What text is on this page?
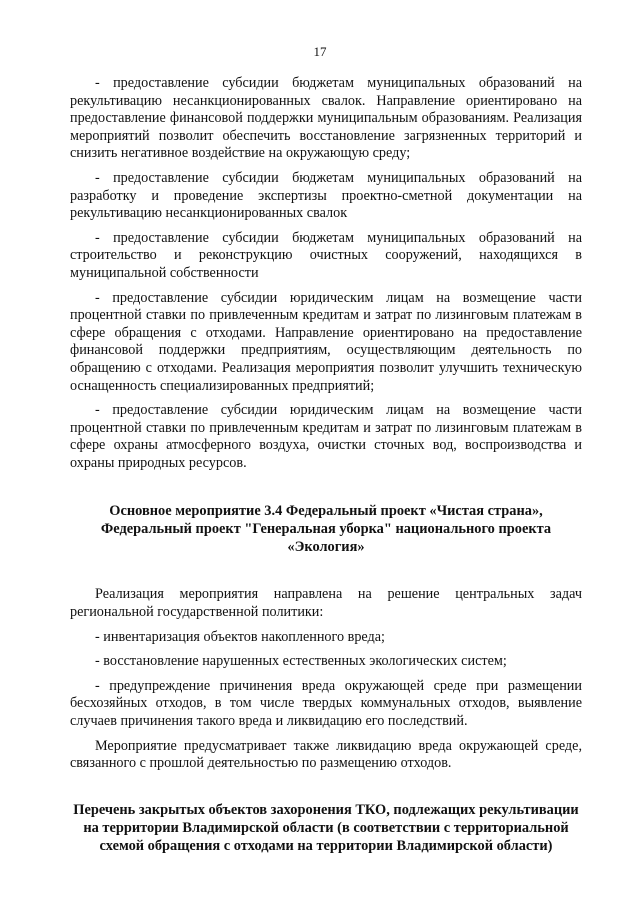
17

- предоставление субсидии бюджетам муниципальных образований на рекультивацию несанкционированных свалок. Направление ориентировано на предоставление финансовой поддержки муниципальным образованиям. Реализация мероприятий позволит обеспечить восстановление загрязненных территорий и снизить негативное воздействие на окружающую среду;

- предоставление субсидии бюджетам муниципальных образований на разработку и проведение экспертизы проектно-сметной документации на рекультивацию несанкционированных свалок

- предоставление субсидии бюджетам муниципальных образований на строительство и реконструкцию очистных сооружений, находящихся в муниципальной собственности

- предоставление субсидии юридическим лицам на возмещение части процентной ставки по привлеченным кредитам и затрат по лизинговым платежам в сфере обращения с отходами. Направление ориентировано на предоставление финансовой поддержки предприятиям, осуществляющим деятельность по обращению с отходами. Реализация мероприятия позволит улучшить техническую оснащенность специализированных предприятий;

- предоставление субсидии юридическим лицам на возмещение части процентной ставки по привлеченным кредитам и затрат по лизинговым платежам в сфере охраны атмосферного воздуха, очистки сточных вод, воспроизводства и охраны природных ресурсов.

Основное мероприятие 3.4 Федеральный проект «Чистая страна», Федеральный проект "Генеральная уборка" национального проекта «Экология»

Реализация мероприятия направлена на решение центральных задач региональной государственной политики:

- инвентаризация объектов накопленного вреда;

- восстановление нарушенных естественных экологических систем;

- предупреждение причинения вреда окружающей среде при размещении бесхозяйных отходов, в том числе твердых коммунальных отходов, выявление случаев причинения такого вреда и ликвидацию его последствий.

Мероприятие предусматривает также ликвидацию вреда окружающей среде, связанного с прошлой деятельностью по размещению отходов.

Перечень закрытых объектов захоронения ТКО, подлежащих рекультивации на территории Владимирской области (в соответствии с территориальной схемой обращения с отходами на территории Владимирской области)
